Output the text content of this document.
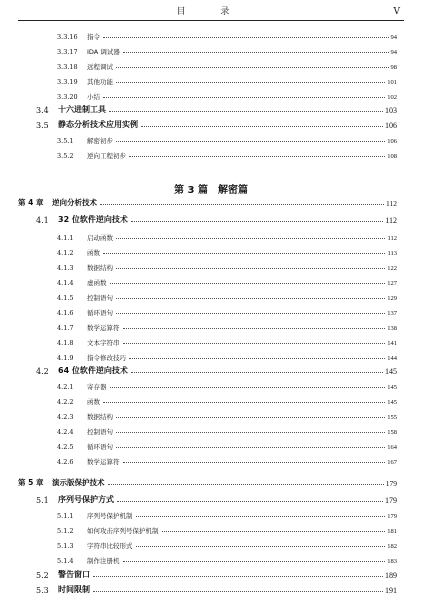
目 录	V
第 3 篇　解密篇
3.3.16	指令	94
3.3.17	IDA 调试器	94
3.3.18	远程调试	98
3.3.19	其他功能	101
3.3.20	小结	102
3.4	十六进制工具	103
3.5	静态分析技术应用实例	106
3.5.1	解密初步	106
3.5.2	逆向工程初步	108
第 4 章	逆向分析技术	112
4.1	32 位软件逆向技术	112
4.1.1	启动函数	112
4.1.2	函数	113
4.1.3	数据结构	122
4.1.4	虚函数	127
4.1.5	控制语句	129
4.1.6	循环语句	137
4.1.7	数学运算符	138
4.1.8	文本字符串	141
4.1.9	指令修改技巧	144
4.2	64 位软件逆向技术	145
4.2.1	寄存器	145
4.2.2	函数	145
4.2.3	数据结构	155
4.2.4	控制语句	158
4.2.5	循环语句	164
4.2.6	数学运算符	167
第 5 章	演示版保护技术	179
5.1	序列号保护方式	179
5.1.1	序列号保护机制	179
5.1.2	如何攻击序列号保护机制	181
5.1.3	字符串比较形式	182
5.1.4	制作注册机	183
5.2	警告窗口	189
5.3	时间限制	191
